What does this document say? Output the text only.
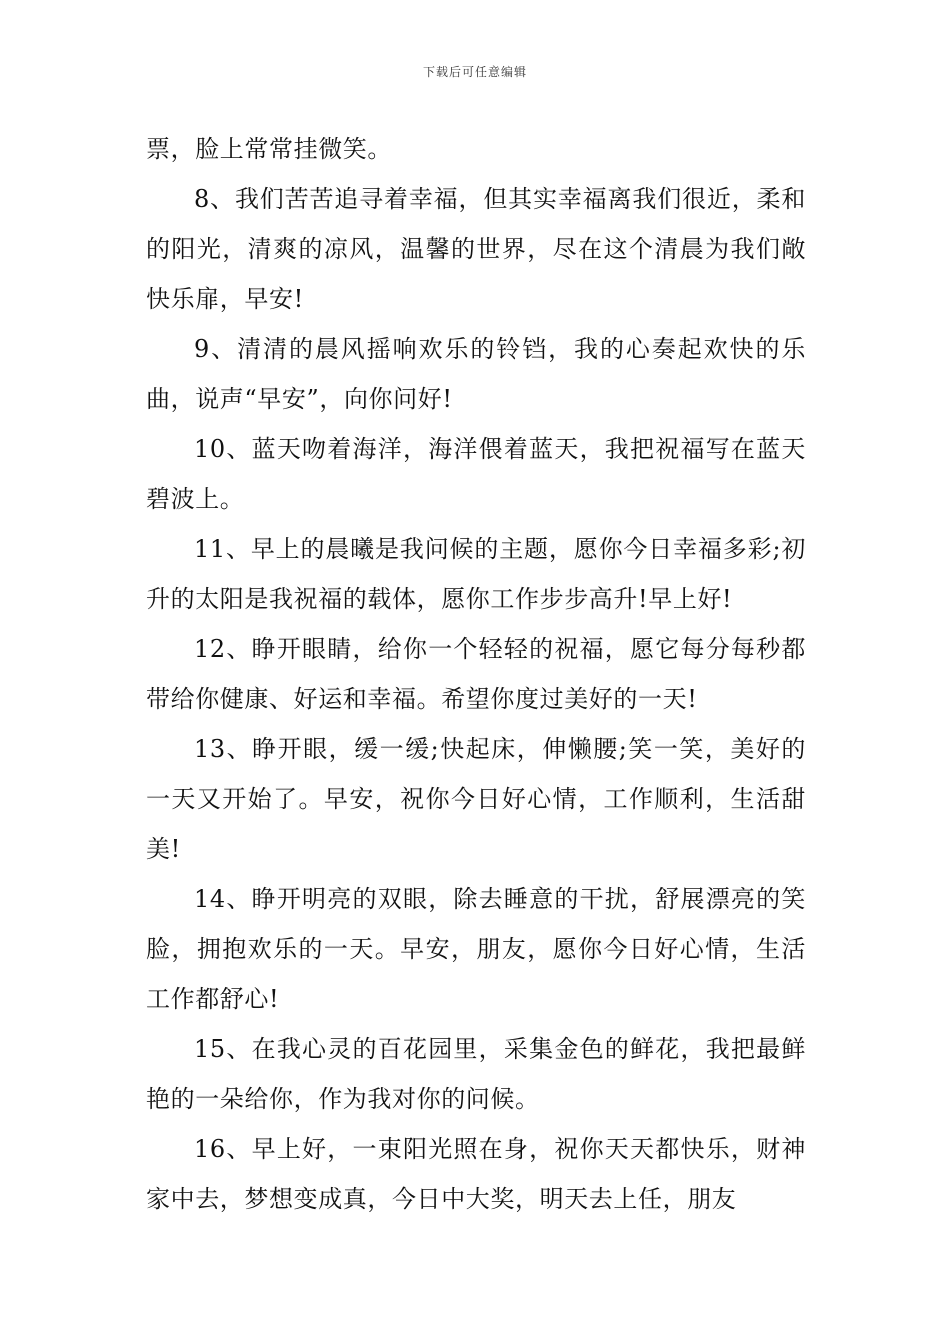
下载后可任意编辑

票，脸上常常挂微笑。

8、我们苦苦追寻着幸福，但其实幸福离我们很近，柔和的阳光，清爽的凉风，温馨的世界，尽在这个清晨为我们敞快乐扉，早安!

9、清清的晨风摇响欢乐的铃铛，我的心奏起欢快的乐曲，说声“早安”，向你问好!

10、蓝天吻着海洋，海洋偎着蓝天，我把祝福写在蓝天碧波上。

11、早上的晨曦是我问候的主题，愿你今日幸福多彩;初升的太阳是我祝福的载体，愿你工作步步高升!早上好!

12、睁开眼睛，给你一个轻轻的祝福，愿它每分每秒都带给你健康、好运和幸福。希望你度过美好的一天!

13、睁开眼，缓一缓;快起床，伸懒腰;笑一笑，美好的一天又开始了。早安，祝你今日好心情，工作顺利，生活甜美!

14、睁开明亮的双眼，除去睡意的干扰，舒展漂亮的笑脸，拥抱欢乐的一天。早安，朋友，愿你今日好心情，生活工作都舒心!

15、在我心灵的百花园里，采集金色的鲜花，我把最鲜艳的一朵给你，作为我对你的问候。

16、早上好，一束阳光照在身，祝你天天都快乐，财神家中去，梦想变成真，今日中大奖，明天去上任，朋友
